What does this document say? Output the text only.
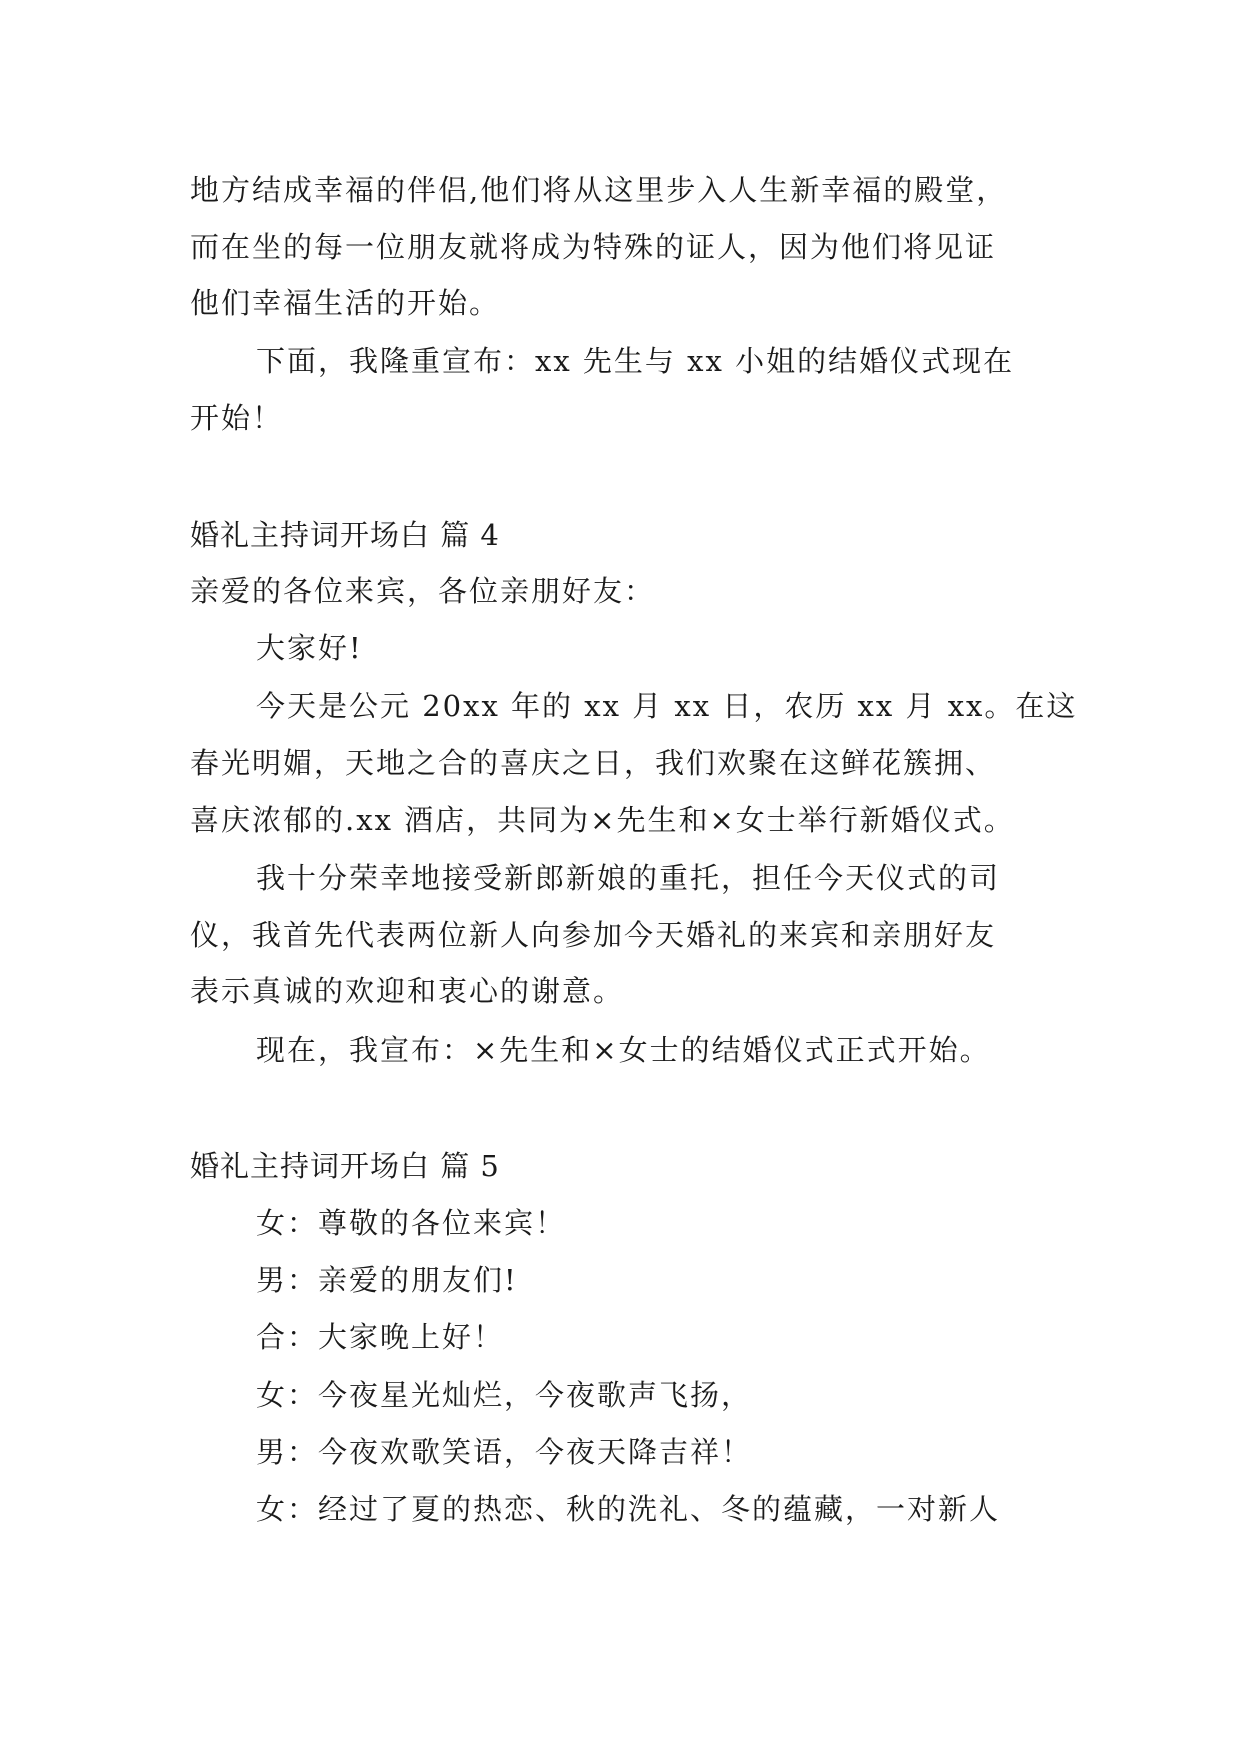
地方结成幸福的伴侣,他们将从这里步入人生新幸福的殿堂，
而在坐的每一位朋友就将成为特殊的证人，因为他们将见证
他们幸福生活的开始。
下面，我隆重宣布：xx 先生与 xx 小姐的结婚仪式现在
开始！
婚礼主持词开场白 篇 4
亲爱的各位来宾，各位亲朋好友：
大家好!
今天是公元 20xx 年的 xx 月 xx 日，农历 xx 月 xx。在这
春光明媚，天地之合的喜庆之日，我们欢聚在这鲜花簇拥、
喜庆浓郁的.xx 酒店，共同为×先生和×女士举行新婚仪式。
我十分荣幸地接受新郎新娘的重托，担任今天仪式的司
仪，我首先代表两位新人向参加今天婚礼的来宾和亲朋好友
表示真诚的欢迎和衷心的谢意。
现在，我宣布：×先生和×女士的结婚仪式正式开始。
婚礼主持词开场白 篇 5
女：尊敬的各位来宾！
男：亲爱的朋友们!
合：大家晚上好！
女：今夜星光灿烂，今夜歌声飞扬，
男：今夜欢歌笑语，今夜天降吉祥！
女：经过了夏的热恋、秋的洗礼、冬的蕴藏，一对新人
